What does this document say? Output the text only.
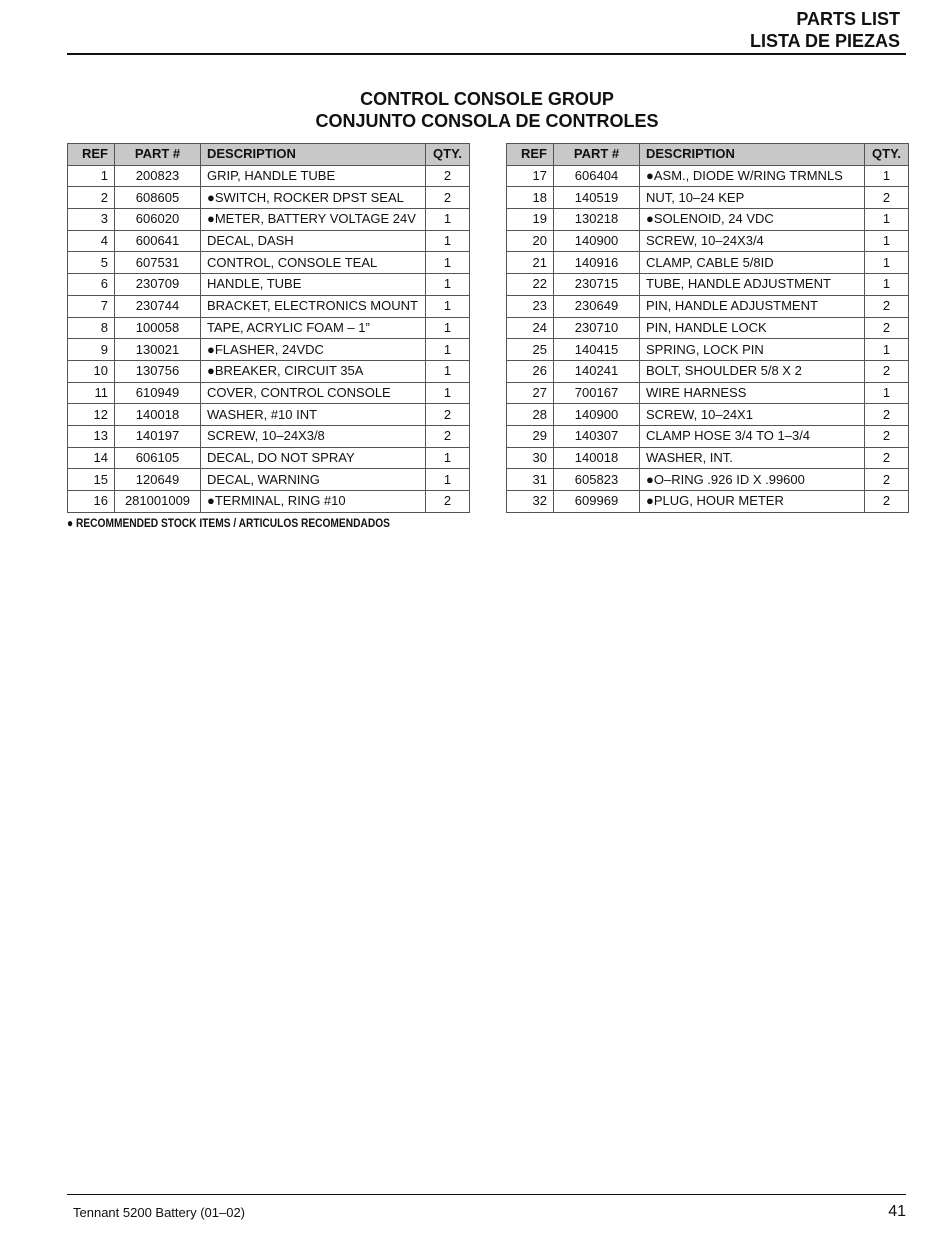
PARTS LIST
LISTA DE PIEZAS
CONTROL CONSOLE GROUP
CONJUNTO CONSOLA DE CONTROLES
REF	PART #	DESCRIPTION	QTY.
1	200823	GRIP, HANDLE TUBE	2
2	608605	●SWITCH, ROCKER DPST SEAL	2
3	606020	●METER, BATTERY VOLTAGE 24V	1
4	600641	DECAL, DASH	1
5	607531	CONTROL, CONSOLE TEAL	1
6	230709	HANDLE, TUBE	1
7	230744	BRACKET, ELECTRONICS MOUNT	1
8	100058	TAPE, ACRYLIC FOAM – 1”	1
9	130021	●FLASHER, 24VDC	1
10	130756	●BREAKER, CIRCUIT 35A	1
11	610949	COVER, CONTROL CONSOLE	1
12	140018	WASHER, #10 INT	2
13	140197	SCREW, 10–24X3/8	2
14	606105	DECAL, DO NOT SPRAY	1
15	120649	DECAL, WARNING	1
16	281001009	●TERMINAL, RING #10	2
REF	PART #	DESCRIPTION	QTY.
17	606404	●ASM., DIODE W/RING TRMNLS	1
18	140519	NUT, 10–24 KEP	2
19	130218	●SOLENOID, 24 VDC	1
20	140900	SCREW, 10–24X3/4	1
21	140916	CLAMP, CABLE 5/8ID	1
22	230715	TUBE, HANDLE ADJUSTMENT	1
23	230649	PIN, HANDLE ADJUSTMENT	2
24	230710	PIN, HANDLE LOCK	2
25	140415	SPRING, LOCK PIN	1
26	140241	BOLT, SHOULDER 5/8 X 2	2
27	700167	WIRE HARNESS	1
28	140900	SCREW, 10–24X1	2
29	140307	CLAMP HOSE 3/4 TO 1–3/4	2
30	140018	WASHER, INT.	2
31	605823	●O–RING .926 ID X .99600	2
32	609969	●PLUG, HOUR METER	2
● RECOMMENDED STOCK ITEMS / ARTICULOS RECOMENDADOS
Tennant 5200 Battery (01–02)	41
